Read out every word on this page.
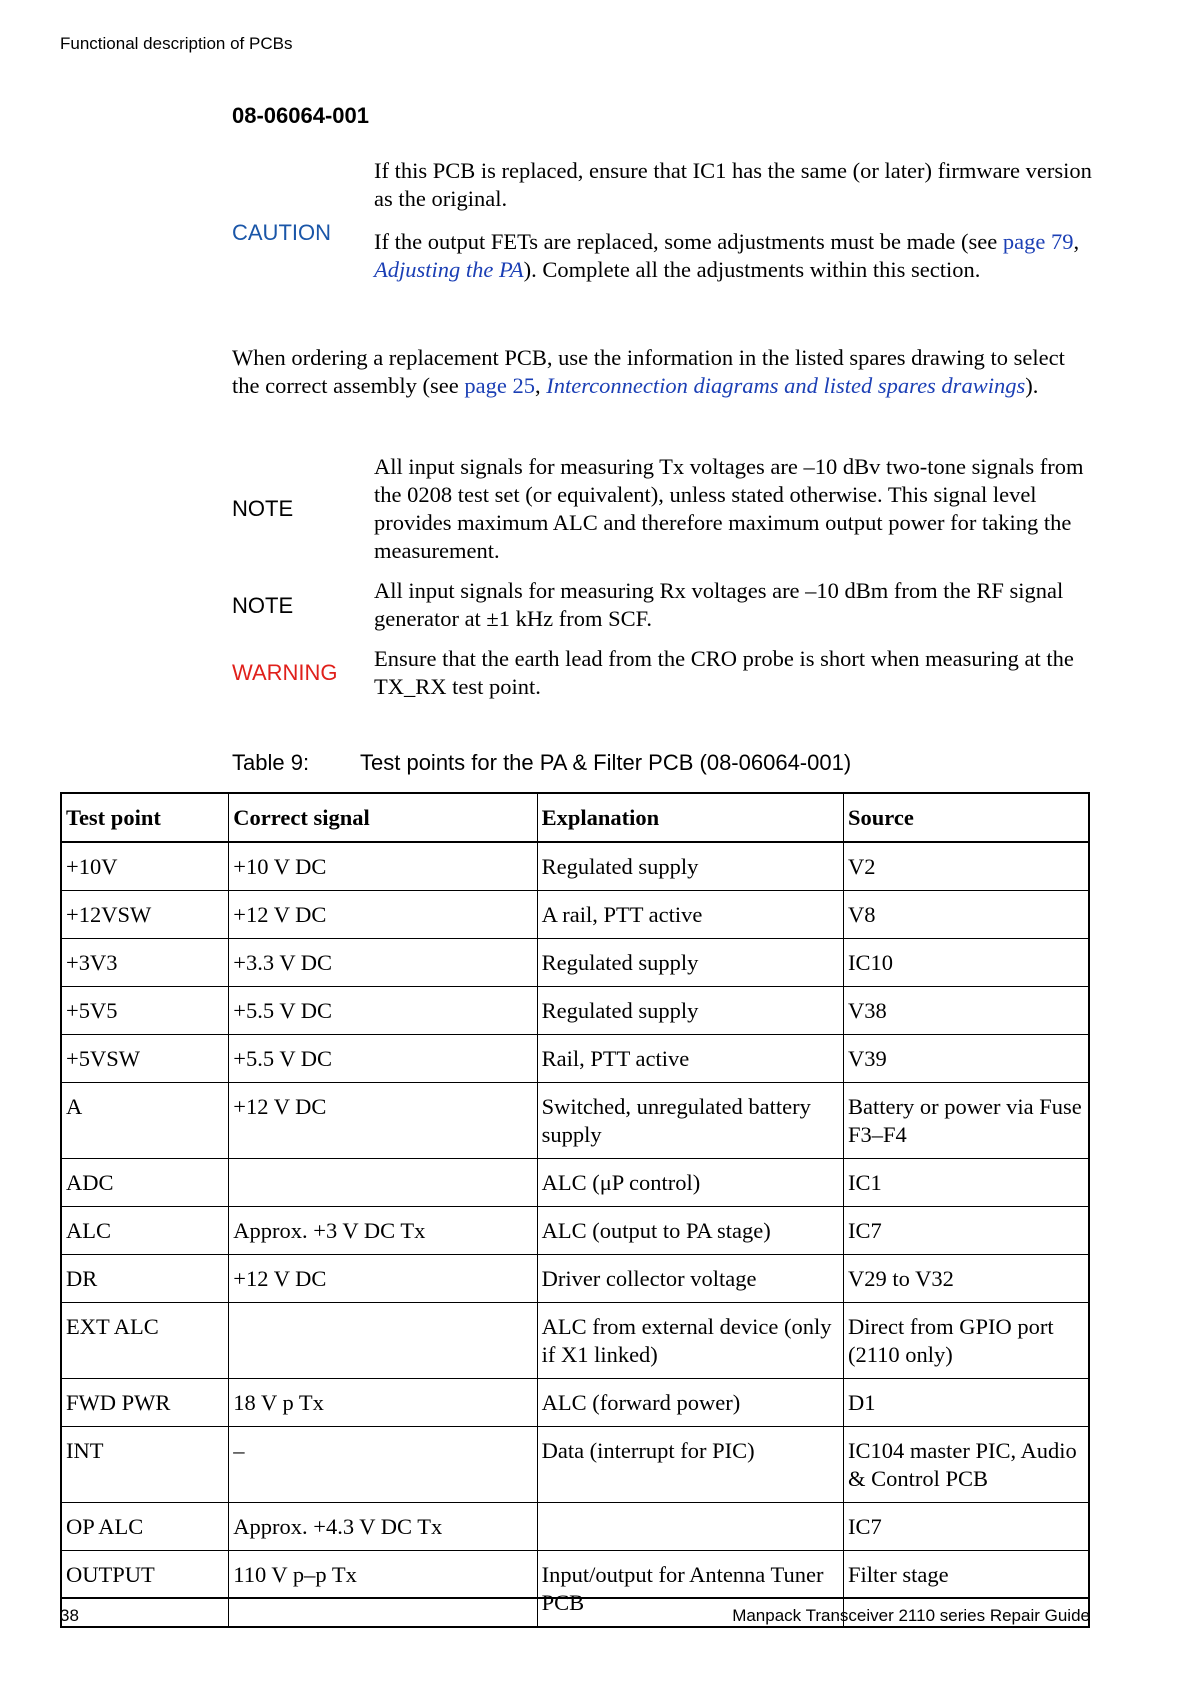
Functional description of PCBs
08-06064-001
CAUTION
If this PCB is replaced, ensure that IC1 has the same (or later) firmware version as the original.
If the output FETs are replaced, some adjustments must be made (see page 79, Adjusting the PA). Complete all the adjustments within this section.
When ordering a replacement PCB, use the information in the listed spares drawing to select the correct assembly (see page 25, Interconnection diagrams and listed spares drawings).
NOTE
All input signals for measuring Tx voltages are –10 dBv two-tone signals from the 0208 test set (or equivalent), unless stated otherwise. This signal level provides maximum ALC and therefore maximum output power for taking the measurement.
NOTE
All input signals for measuring Rx voltages are –10 dBm from the RF signal generator at ±1 kHz from SCF.
WARNING
Ensure that the earth lead from the CRO probe is short when measuring at the TX_RX test point.
Table 9: Test points for the PA & Filter PCB (08-06064-001)
Test point	Correct signal	Explanation	Source
+10V	+10 V DC	Regulated supply	V2
+12VSW	+12 V DC	A rail, PTT active	V8
+3V3	+3.3 V DC	Regulated supply	IC10
+5V5	+5.5 V DC	Regulated supply	V38
+5VSW	+5.5 V DC	Rail, PTT active	V39
A	+12 V DC	Switched, unregulated battery supply	Battery or power via Fuse F3–F4
ADC		ALC (μP control)	IC1
ALC	Approx. +3 V DC Tx	ALC (output to PA stage)	IC7
DR	+12 V DC	Driver collector voltage	V29 to V32
EXT ALC		ALC from external device (only if X1 linked)	Direct from GPIO port (2110 only)
FWD PWR	18 V p Tx	ALC (forward power)	D1
INT	–	Data (interrupt for PIC)	IC104 master PIC, Audio & Control PCB
OP ALC	Approx. +4.3 V DC Tx		IC7
OUTPUT	110 V p–p Tx	Input/output for Antenna Tuner PCB	Filter stage
38	Manpack Transceiver 2110 series Repair Guide
